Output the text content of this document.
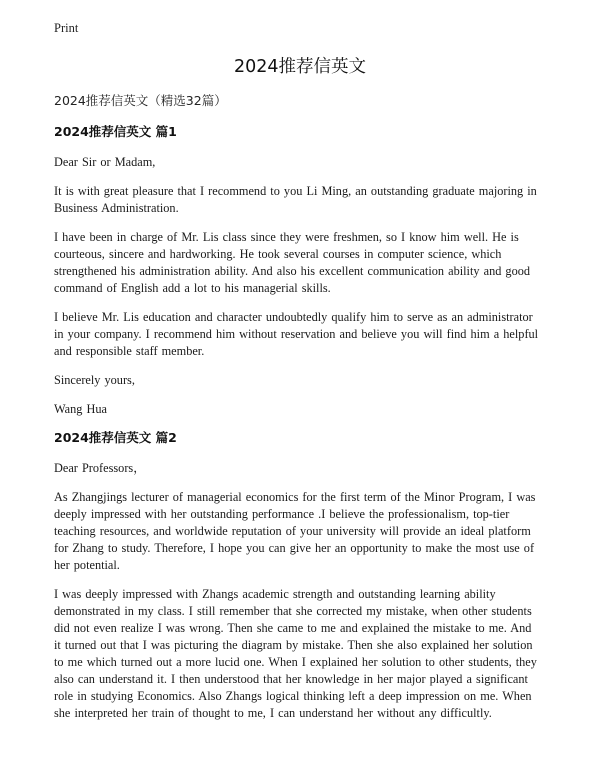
Print
2024推荐信英文
2024推荐信英文（精选32篇）
2024推荐信英文 篇1

Dear Sir or Madam,

It is with great pleasure that I recommend to you Li Ming, an outstanding graduate majoring in Business Administration.

I have been in charge of Mr. Lis class since they were freshmen, so I know him well. He is courteous, sincere and hardworking. He took several courses in computer science, which strengthened his administration ability. And also his excellent communication ability and good command of English add a lot to his managerial skills.

I believe Mr. Lis education and character undoubtedly qualify him to serve as an administrator in your company. I recommend him without reservation and believe you will find him a helpful and responsible staff member.

Sincerely yours,

Wang Hua

2024推荐信英文 篇2

Dear Professors，

As Zhangjings lecturer of managerial economics for the first term of the Minor Program, I was deeply impressed with her outstanding performance .I believe the professionalism, top-tier teaching resources, and worldwide reputation of your university will provide an ideal platform for Zhang to study. Therefore, I hope you can give her an opportunity to make the most use of her potential.

I was deeply impressed with Zhangs academic strength and outstanding learning ability demonstrated in my class. I still remember that she corrected my mistake, when other students did not even realize I was wrong. Then she came to me and explained the mistake to me. And it turned out that I was picturing the diagram by mistake. Then she also explained her solution to me which turned out a more lucid one. When I explained her solution to other students, they also can understand it. I then understood that her knowledge in her major played a significant role in studying Economics. Also Zhangs logical thinking left a deep impression on me. When she interpreted her train of thought to me, I can understand her without any difficultly.
